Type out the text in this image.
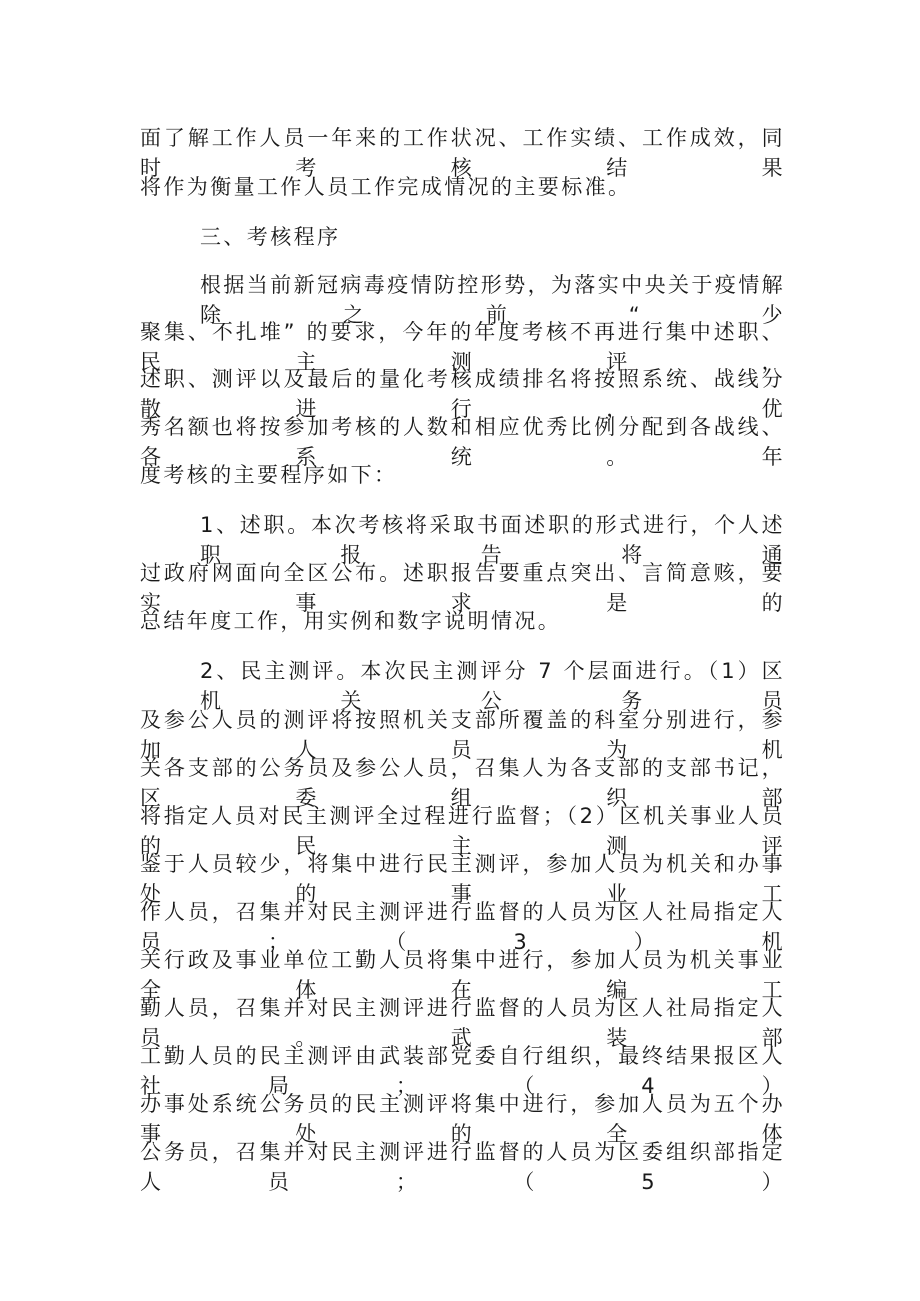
面了解工作人员一年来的工作状况、工作实绩、工作成效，同时考核结果
将作为衡量工作人员工作完成情况的主要标准。
三、考核程序
根据当前新冠病毒疫情防控形势，为落实中央关于疫情解除之前“少
聚集、不扎堆” 的要求，今年的年度考核不再进行集中述职、民主测评，
述职、测评以及最后的量化考核成绩排名将按照系统、战线分散进行，优
秀名额也将按参加考核的人数和相应优秀比例分配到各战线、各系统。年
度考核的主要程序如下：
1、述职。本次考核将采取书面述职的形式进行，个人述职报告将通
过政府网面向全区公布。述职报告要重点突出、言简意赅，要实事求是的
总结年度工作，用实例和数字说明情况。
2、民主测评。本次民主测评分 7 个层面进行。（1）区机关公务员
及参公人员的测评将按照机关支部所覆盖的科室分别进行，参加人员为机
关各支部的公务员及参公人员，召集人为各支部的支部书记，区委组织部
将指定人员对民主测评全过程进行监督；（2）区机关事业人员的民主测评
鉴于人员较少，将集中进行民主测评，参加人员为机关和办事处的事业工
作人员，召集并对民主测评进行监督的人员为区人社局指定人员；（3）机
关行政及事业单位工勤人员将集中进行，参加人员为机关事业全体在编工
勤人员，召集并对民主测评进行监督的人员为区人社局指定人员。武装部
工勤人员的民主测评由武装部党委自行组织，最终结果报区人社局；（4）
办事处系统公务员的民主测评将集中进行，参加人员为五个办事处的全体
公务员，召集并对民主测评进行监督的人员为区委组织部指定人员；（5）
